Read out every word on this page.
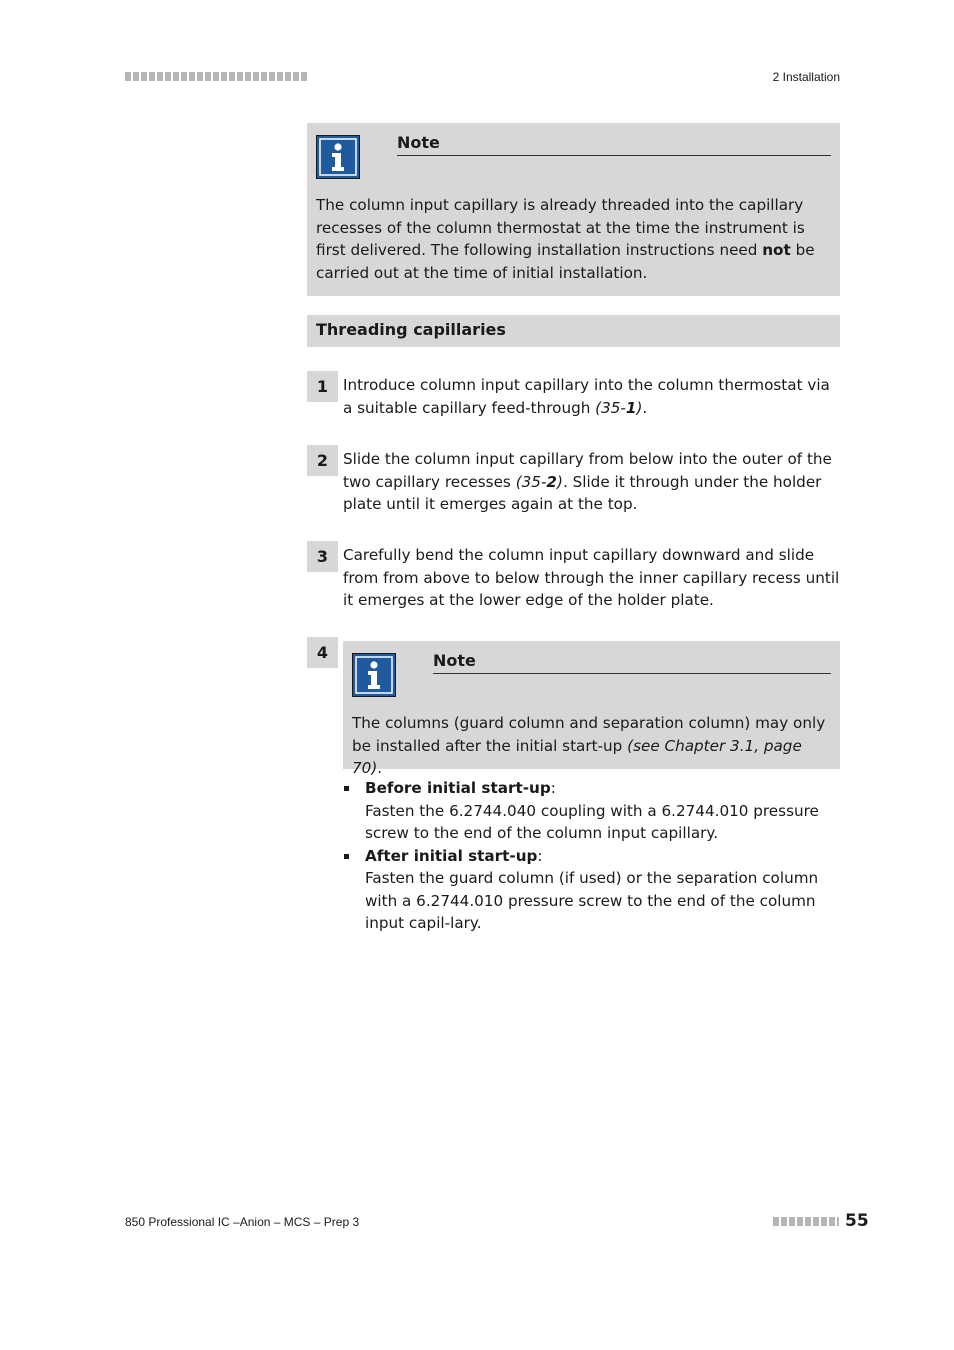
2 Installation
Note
The column input capillary is already threaded into the capillary recesses of the column thermostat at the time the instrument is first delivered. The following installation instructions need not be carried out at the time of initial installation.
Threading capillaries
1 Introduce column input capillary into the column thermostat via a suitable capillary feed-through (35-1).
2 Slide the column input capillary from below into the outer of the two capillary recesses (35-2). Slide it through under the holder plate until it emerges again at the top.
3 Carefully bend the column input capillary downward and slide from from above to below through the inner capillary recess until it emerges at the lower edge of the holder plate.
4	Note
The columns (guard column and separation column) may only be installed after the initial start-up (see Chapter 3.1, page 70).
Before initial start-up:
Fasten the 6.2744.040 coupling with a 6.2744.010 pressure screw to the end of the column input capillary.
After initial start-up:
Fasten the guard column (if used) or the separation column with a 6.2744.010 pressure screw to the end of the column input capil-lary.
850 Professional IC –Anion – MCS – Prep 3	55
